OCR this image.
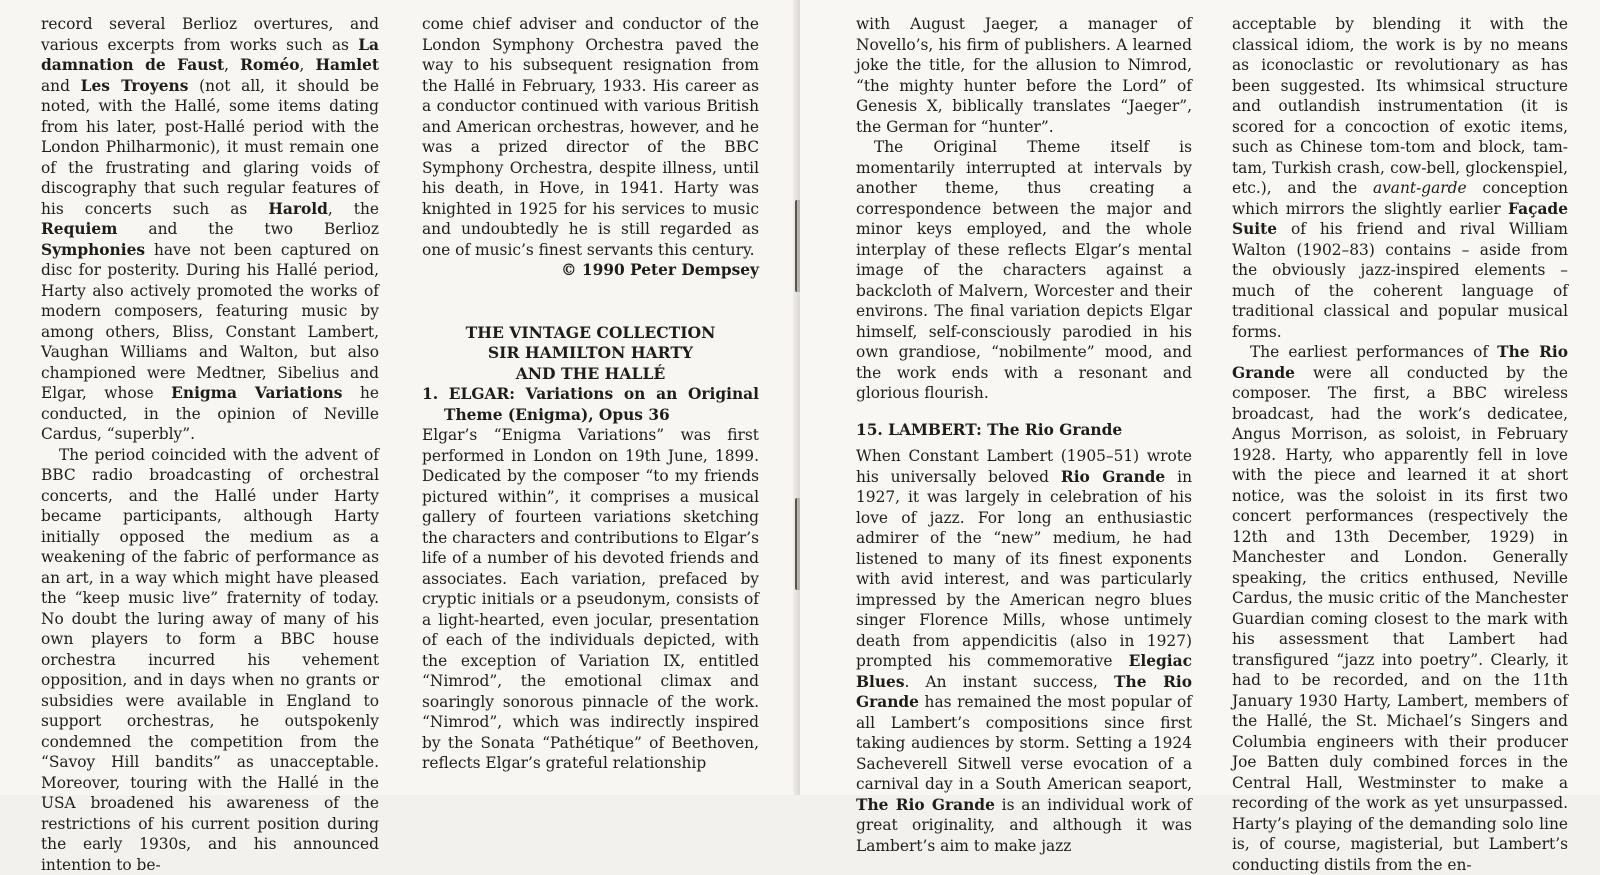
record several Berlioz overtures, and various excerpts from works such as La damnation de Faust, Roméo, Hamlet and Les Troyens (not all, it should be noted, with the Hallé, some items dating from his later, post-Hallé period with the London Philharmonic), it must remain one of the frustrating and glaring voids of discography that such regular features of his concerts such as Harold, the Requiem and the two Berlioz Symphonies have not been captured on disc for posterity. During his Hallé period, Harty also actively promoted the works of modern composers, featuring music by among others, Bliss, Constant Lambert, Vaughan Williams and Walton, but also championed were Medtner, Sibelius and Elgar, whose Enigma Variations he conducted, in the opinion of Neville Cardus, “superbly”.

The period coincided with the advent of BBC radio broadcasting of orchestral concerts, and the Hallé under Harty became participants, although Harty initially opposed the medium as a weakening of the fabric of performance as an art, in a way which might have pleased the “keep music live” fraternity of today. No doubt the luring away of many of his own players to form a BBC house orchestra incurred his vehement opposition, and in days when no grants or subsidies were available in England to support orchestras, he outspokenly condemned the competition from the “Savoy Hill bandits” as unacceptable. Moreover, touring with the Hallé in the USA broadened his awareness of the restrictions of his current position during the early 1930s, and his announced intention to be-

come chief adviser and conductor of the London Symphony Orchestra paved the way to his subsequent resignation from the Hallé in February, 1933. His career as a conductor continued with various British and American orchestras, however, and he was a prized director of the BBC Symphony Orchestra, despite illness, until his death, in Hove, in 1941. Harty was knighted in 1925 for his services to music and undoubtedly he is still regarded as one of music’s finest servants this century.

© 1990 Peter Dempsey

THE VINTAGE COLLECTION
SIR HAMILTON HARTY
AND THE HALLÉ

1. ELGAR: Variations on an Original Theme (Enigma), Opus 36

Elgar’s “Enigma Variations” was first performed in London on 19th June, 1899. Dedicated by the composer “to my friends pictured within”, it comprises a musical gallery of fourteen variations sketching the characters and contributions to Elgar’s life of a number of his devoted friends and associates. Each variation, prefaced by cryptic initials or a pseudonym, consists of a light-hearted, even jocular, presentation of each of the individuals depicted, with the exception of Variation IX, entitled “Nimrod”, the emotional climax and soaringly sonorous pinnacle of the work. “Nimrod”, which was indirectly inspired by the Sonata “Pathétique” of Beethoven, reflects Elgar’s grateful relationship

with August Jaeger, a manager of Novello’s, his firm of publishers. A learned joke the title, for the allusion to Nimrod, “the mighty hunter before the Lord” of Genesis X, biblically translates “Jaeger”, the German for “hunter”.

The Original Theme itself is momentarily interrupted at intervals by another theme, thus creating a correspondence between the major and minor keys employed, and the whole interplay of these reflects Elgar’s mental image of the characters against a backcloth of Malvern, Worcester and their environs. The final variation depicts Elgar himself, self-consciously parodied in his own grandiose, “nobilmente” mood, and the work ends with a resonant and glorious flourish.

15. LAMBERT: The Rio Grande

When Constant Lambert (1905–51) wrote his universally beloved Rio Grande in 1927, it was largely in celebration of his love of jazz. For long an enthusiastic admirer of the “new” medium, he had listened to many of its finest exponents with avid interest, and was particularly impressed by the American negro blues singer Florence Mills, whose untimely death from appendicitis (also in 1927) prompted his commemorative Elegiac Blues. An instant success, The Rio Grande has remained the most popular of all Lambert’s compositions since first taking audiences by storm. Setting a 1924 Sacheverell Sitwell verse evocation of a carnival day in a South American seaport, The Rio Grande is an individual work of great originality, and although it was Lambert’s aim to make jazz

acceptable by blending it with the classical idiom, the work is by no means as iconoclastic or revolutionary as has been suggested. Its whimsical structure and outlandish instrumentation (it is scored for a concoction of exotic items, such as Chinese tom-tom and block, tam-tam, Turkish crash, cow-bell, glockenspiel, etc.), and the avant-garde conception which mirrors the slightly earlier Façade Suite of his friend and rival William Walton (1902–83) contains – aside from the obviously jazz-inspired elements – much of the coherent language of traditional classical and popular musical forms.

The earliest performances of The Rio Grande were all conducted by the composer. The first, a BBC wireless broadcast, had the work’s dedicatee, Angus Morrison, as soloist, in February 1928. Harty, who apparently fell in love with the piece and learned it at short notice, was the soloist in its first two concert performances (respectively the 12th and 13th December, 1929) in Manchester and London. Generally speaking, the critics enthused, Neville Cardus, the music critic of the Manchester Guardian coming closest to the mark with his assessment that Lambert had transfigured “jazz into poetry”. Clearly, it had to be recorded, and on the 11th January 1930 Harty, Lambert, members of the Hallé, the St. Michael’s Singers and Columbia engineers with their producer Joe Batten duly combined forces in the Central Hall, Westminster to make a recording of the work as yet unsurpassed. Harty’s playing of the demanding solo line is, of course, magisterial, but Lambert’s conducting distils from the en-
